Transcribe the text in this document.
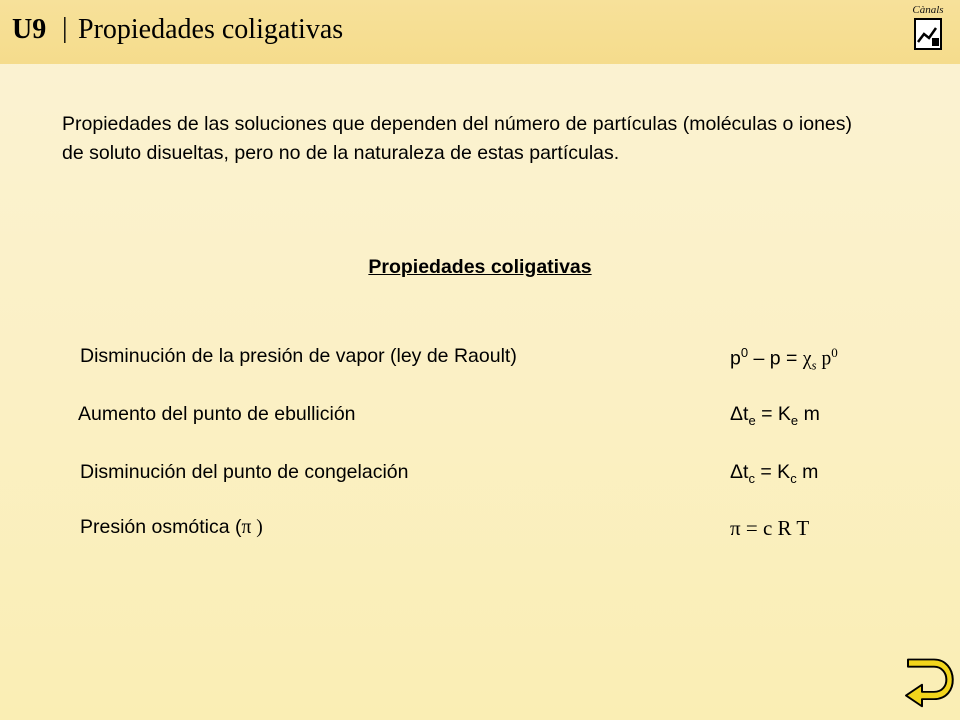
U9 | Propiedades coligativas
Cànals

Propiedades de las soluciones que dependen del número de partículas (moléculas o iones) de soluto disueltas, pero no de la naturaleza de estas partículas.

Propiedades coligativas
Disminución de la presión de vapor (ley de Raoult)	$p^0 - p = \chi_s$ $p^0$
Aumento del punto de ebullición	$\Delta t_e = K_e$ m
Disminución del punto de congelación	$\Delta t_c = K_c$ m
Presión osmótica (π )	π = c R T
